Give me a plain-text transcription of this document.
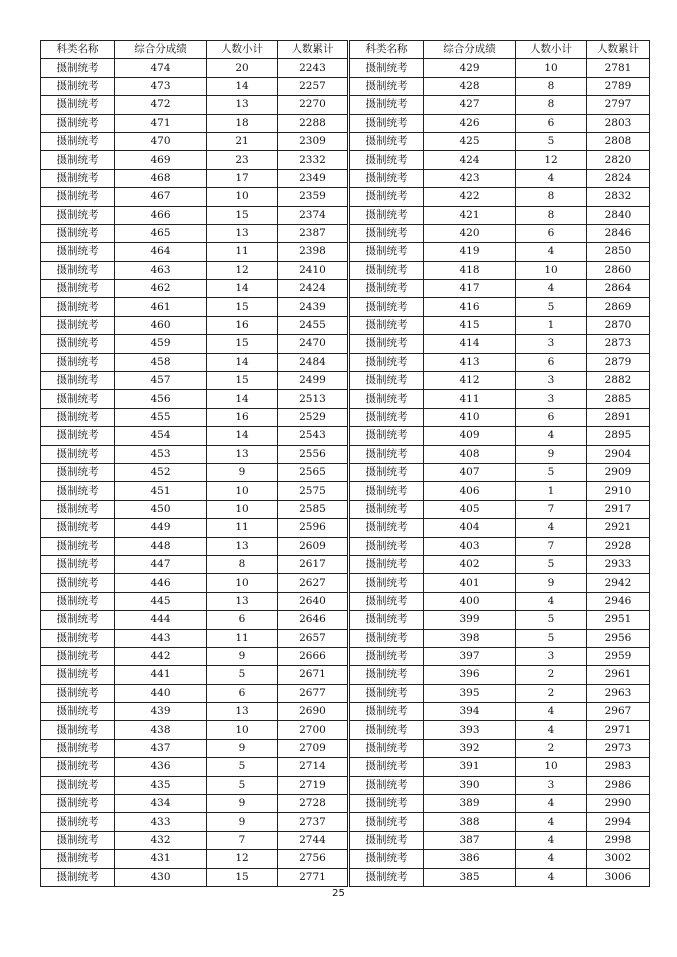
科类名称	综合分成绩	人数小计	人数累计
摄制统考	474	20	2243
摄制统考	473	14	2257
摄制统考	472	13	2270
摄制统考	471	18	2288
摄制统考	470	21	2309
摄制统考	469	23	2332
摄制统考	468	17	2349
摄制统考	467	10	2359
摄制统考	466	15	2374
摄制统考	465	13	2387
摄制统考	464	11	2398
摄制统考	463	12	2410
摄制统考	462	14	2424
摄制统考	461	15	2439
摄制统考	460	16	2455
摄制统考	459	15	2470
摄制统考	458	14	2484
摄制统考	457	15	2499
摄制统考	456	14	2513
摄制统考	455	16	2529
摄制统考	454	14	2543
摄制统考	453	13	2556
摄制统考	452	9	2565
摄制统考	451	10	2575
摄制统考	450	10	2585
摄制统考	449	11	2596
摄制统考	448	13	2609
摄制统考	447	8	2617
摄制统考	446	10	2627
摄制统考	445	13	2640
摄制统考	444	6	2646
摄制统考	443	11	2657
摄制统考	442	9	2666
摄制统考	441	5	2671
摄制统考	440	6	2677
摄制统考	439	13	2690
摄制统考	438	10	2700
摄制统考	437	9	2709
摄制统考	436	5	2714
摄制统考	435	5	2719
摄制统考	434	9	2728
摄制统考	433	9	2737
摄制统考	432	7	2744
摄制统考	431	12	2756
摄制统考	430	15	2771
科类名称	综合分成绩	人数小计	人数累计
摄制统考	429	10	2781
摄制统考	428	8	2789
摄制统考	427	8	2797
摄制统考	426	6	2803
摄制统考	425	5	2808
摄制统考	424	12	2820
摄制统考	423	4	2824
摄制统考	422	8	2832
摄制统考	421	8	2840
摄制统考	420	6	2846
摄制统考	419	4	2850
摄制统考	418	10	2860
摄制统考	417	4	2864
摄制统考	416	5	2869
摄制统考	415	1	2870
摄制统考	414	3	2873
摄制统考	413	6	2879
摄制统考	412	3	2882
摄制统考	411	3	2885
摄制统考	410	6	2891
摄制统考	409	4	2895
摄制统考	408	9	2904
摄制统考	407	5	2909
摄制统考	406	1	2910
摄制统考	405	7	2917
摄制统考	404	4	2921
摄制统考	403	7	2928
摄制统考	402	5	2933
摄制统考	401	9	2942
摄制统考	400	4	2946
摄制统考	399	5	2951
摄制统考	398	5	2956
摄制统考	397	3	2959
摄制统考	396	2	2961
摄制统考	395	2	2963
摄制统考	394	4	2967
摄制统考	393	4	2971
摄制统考	392	2	2973
摄制统考	391	10	2983
摄制统考	390	3	2986
摄制统考	389	4	2990
摄制统考	388	4	2994
摄制统考	387	4	2998
摄制统考	386	4	3002
摄制统考	385	4	3006
25
